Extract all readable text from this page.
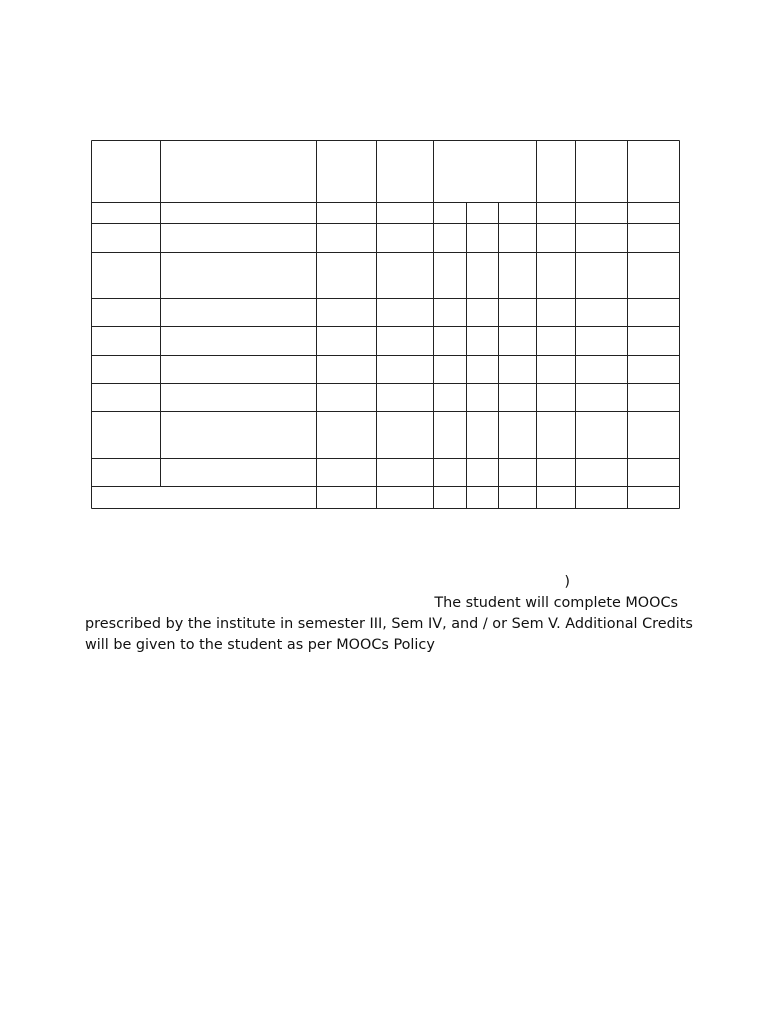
)
The student will complete MOOCs
prescribed by the institute in semester III, Sem IV, and / or Sem V. Additional Credits
will be given to the student as per MOOCs Policy
